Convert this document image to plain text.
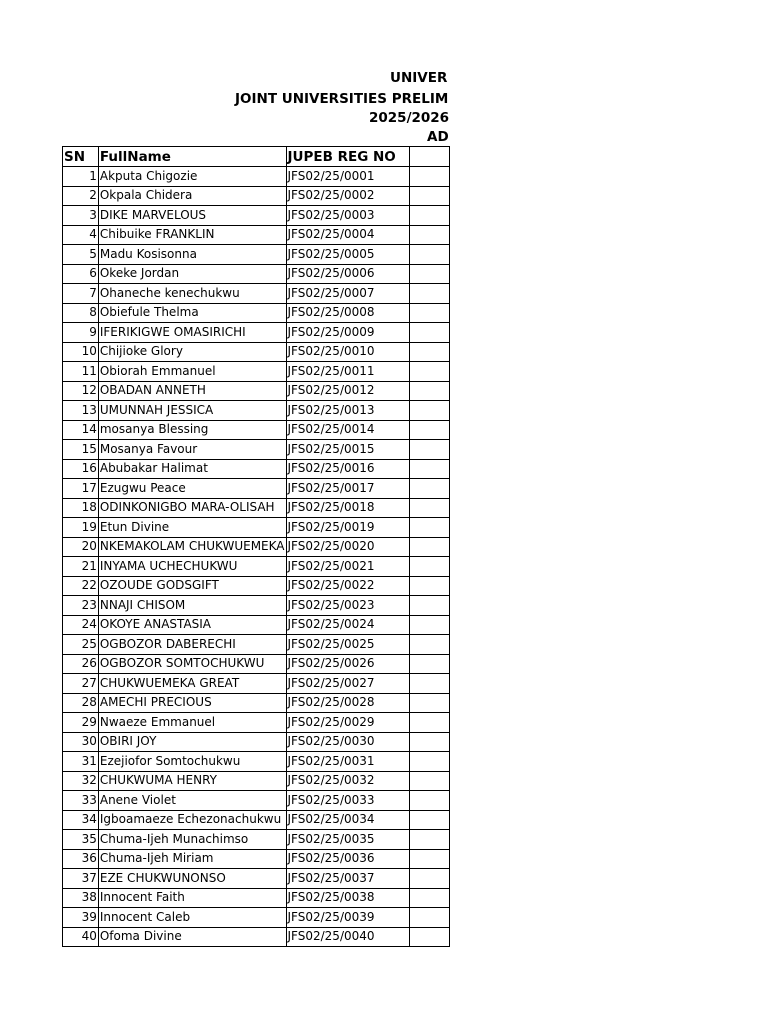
UNIVER

JOINT UNIVERSITIES PRELIM

2025/2026

AD

SN	FullName	JUPEB REG NO	
1	Akputa Chigozie	JFS02/25/0001	
2	Okpala Chidera	JFS02/25/0002	
3	DIKE MARVELOUS	JFS02/25/0003	
4	Chibuike FRANKLIN	JFS02/25/0004	
5	Madu Kosisonna	JFS02/25/0005	
6	Okeke Jordan	JFS02/25/0006	
7	Ohaneche kenechukwu	JFS02/25/0007	
8	Obiefule Thelma	JFS02/25/0008	
9	IFERIKIGWE OMASIRICHI	JFS02/25/0009	
10	Chijioke Glory	JFS02/25/0010	
11	Obiorah Emmanuel	JFS02/25/0011	
12	OBADAN ANNETH	JFS02/25/0012	
13	UMUNNAH JESSICA	JFS02/25/0013	
14	mosanya Blessing	JFS02/25/0014	
15	Mosanya Favour	JFS02/25/0015	
16	Abubakar Halimat	JFS02/25/0016	
17	Ezugwu Peace	JFS02/25/0017	
18	ODINKONIGBO MARA-OLISAH	JFS02/25/0018	
19	Etun Divine	JFS02/25/0019	
20	NKEMAKOLAM CHUKWUEMEKA	JFS02/25/0020	
21	INYAMA UCHECHUKWU	JFS02/25/0021	
22	OZOUDE GODSGIFT	JFS02/25/0022	
23	NNAJI CHISOM	JFS02/25/0023	
24	OKOYE ANASTASIA	JFS02/25/0024	
25	OGBOZOR DABERECHI	JFS02/25/0025	
26	OGBOZOR SOMTOCHUKWU	JFS02/25/0026	
27	CHUKWUEMEKA GREAT	JFS02/25/0027	
28	AMECHI PRECIOUS	JFS02/25/0028	
29	Nwaeze Emmanuel	JFS02/25/0029	
30	OBIRI JOY	JFS02/25/0030	
31	Ezejiofor Somtochukwu	JFS02/25/0031	
32	CHUKWUMA HENRY	JFS02/25/0032	
33	Anene Violet	JFS02/25/0033	
34	Igboamaeze Echezonachukwu	JFS02/25/0034	
35	Chuma-Ijeh Munachimso	JFS02/25/0035	
36	Chuma-Ijeh Miriam	JFS02/25/0036	
37	EZE CHUKWUNONSO	JFS02/25/0037	
38	Innocent Faith	JFS02/25/0038	
39	Innocent Caleb	JFS02/25/0039	
40	Ofoma Divine	JFS02/25/0040	
